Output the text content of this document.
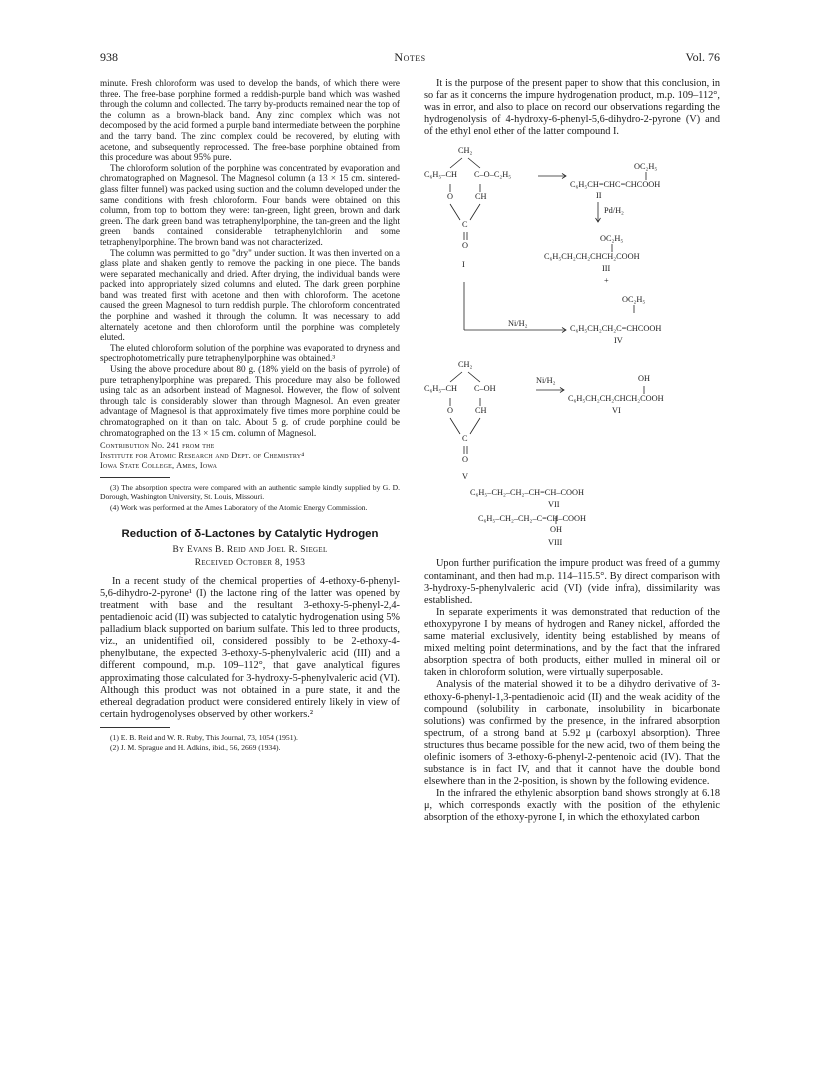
938	Notes	Vol. 76

minute. Fresh chloroform was used to develop the bands, of which there were three. The free-base porphine formed a reddish-purple band which was washed through the column and collected. The tarry by-products remained near the top of the column as a brown-black band. Any zinc complex which was not decomposed by the acid formed a purple band intermediate between the porphine and the tarry band. The zinc complex could be recovered, by eluting with acetone, and subsequently reprocessed. The free-base porphine obtained from this procedure was about 95% pure.

The chloroform solution of the porphine was concentrated by evaporation and chromatographed on Magnesol. The Magnesol column (a 13 × 15 cm. sintered-glass filter funnel) was packed using suction and the column developed under the same conditions with fresh chloroform. Four bands were obtained on this column, from top to bottom they were: tan-green, light green, brown and dark green. The dark green band was tetraphenylporphine, the tan-green and the light green bands contained considerable tetraphenylchlorin and some tetraphenylporphine. The brown band was not characterized.

The column was permitted to go "dry" under suction. It was then inverted on a glass plate and shaken gently to remove the packing in one piece. The bands were separated mechanically and dried. After drying, the individual bands were packed into appropriately sized columns and eluted. The dark green porphine band was treated first with acetone and then with chloroform. The acetone caused the green Magnesol to turn reddish purple. The chloroform concentrated the porphine and washed it through the column. It was necessary to add alternately acetone and then chloroform until the porphine was completely eluted.

The eluted chloroform solution of the porphine was evaporated to dryness and spectrophotometrically pure tetraphenylporphine was obtained.³

Using the above procedure about 80 g. (18% yield on the basis of pyrrole) of pure tetraphenylporphine was prepared. This procedure may also be followed using talc as an adsorbent instead of Magnesol. However, the flow of solvent through talc is considerably slower than through Magnesol. An even greater advantage of Magnesol is that approximately five times more porphine could be chromatographed on it than on talc. About 5 g. of crude porphine could be chromatographed on the 13 × 15 cm. column of Magnesol.

Contribution No. 241 from the
Institute for Atomic Research and Dept. of Chemistry⁴
Iowa State College, Ames, Iowa

(3) The absorption spectra were compared with an authentic sample kindly supplied by G. D. Dorough, Washington University, St. Louis, Missouri.

(4) Work was performed at the Ames Laboratory of the Atomic Energy Commission.

Reduction of δ-Lactones by Catalytic Hydrogen
By Evans B. Reid and Joel R. Siegel
Received October 8, 1953

In a recent study of the chemical properties of 4-ethoxy-6-phenyl-5,6-dihydro-2-pyrone¹ (I) the lactone ring of the latter was opened by treatment with base and the resultant 3-ethoxy-5-phenyl-2,4-pentadienoic acid (II) was subjected to catalytic hydrogenation using 5% palladium black supported on barium sulfate. This led to three products, viz., an unidentified oil, considered possibly to be 2-ethoxy-4-phenylbutane, the expected 3-ethoxy-5-phenylvaleric acid (III) and a different compound, m.p. 109–112°, that gave analytical figures approximating those calculated for 3-hydroxy-5-phenylvaleric acid (VI). Although this product was not obtained in a pure state, it and the ethereal degradation product were considered entirely likely in view of certain hydrogenolyses observed by other workers.²

(1) E. B. Reid and W. R. Ruby, This Journal, 73, 1054 (1951).

(2) J. M. Sprague and H. Adkins, ibid., 56, 2669 (1934).

It is the purpose of the present paper to show that this conclusion, in so far as it concerns the impure hydrogenation product, m.p. 109–112°, was in error, and also to place on record our observations regarding the hydrogenolysis of 4-hydroxy-6-phenyl-5,6-dihydro-2-pyrone (V) and of the ethyl enol ether of the latter compound I.

CH₂
C₆H₅–CH C–O–C₂H₅
O	CH
C
O
I
OC₂H₅
C₆H₅CH=CHC=CHCOOH
II
Pd/H₂
OC₂H₅
C₆H₅CH₂CH₂CHCH₂COOH
III
+
OC₂H₅
Ni/H₂
C₆H₅CH₂CH₂C=CHCOOH
IV
CH₂
C₆H₅–CH C–OH
O	CH
C
O
V
Ni/H₂	OH
C₆H₅CH₂CH₂CHCH₂COOH
VI
C₆H₅–CH₂–CH₂–CH=CH–COOH
VII
C₆H₅–CH₂–CH₂–C=CH–COOH
OH
VIII

Upon further purification the impure product was freed of a gummy contaminant, and then had m.p. 114–115.5°. By direct comparison with 3-hydroxy-5-phenylvaleric acid (VI) (vide infra), dissimilarity was established.

In separate experiments it was demonstrated that reduction of the ethoxypyrone I by means of hydrogen and Raney nickel, afforded the same material exclusively, identity being established by means of mixed melting point determinations, and by the fact that the infrared absorption spectra of both products, either mulled in mineral oil or taken in chloroform solution, were virtually superposable.

Analysis of the material showed it to be a dihydro derivative of 3-ethoxy-6-phenyl-1,3-pentadienoic acid (II) and the weak acidity of the compound (solubility in carbonate, insolubility in bicarbonate solutions) was confirmed by the presence, in the infrared absorption spectrum, of a strong band at 5.92 μ (carboxyl absorption). Three structures thus became possible for the new acid, two of them being the olefinic isomers of 3-ethoxy-6-phenyl-2-pentenoic acid (IV). That the substance is in fact IV, and that it cannot have the double bond elsewhere than in the 2-position, is shown by the following evidence.

In the infrared the ethylenic absorption band shows strongly at 6.18 μ, which corresponds exactly with the position of the ethylenic absorption of the ethoxy-pyrone I, in which the ethoxylated carbon
